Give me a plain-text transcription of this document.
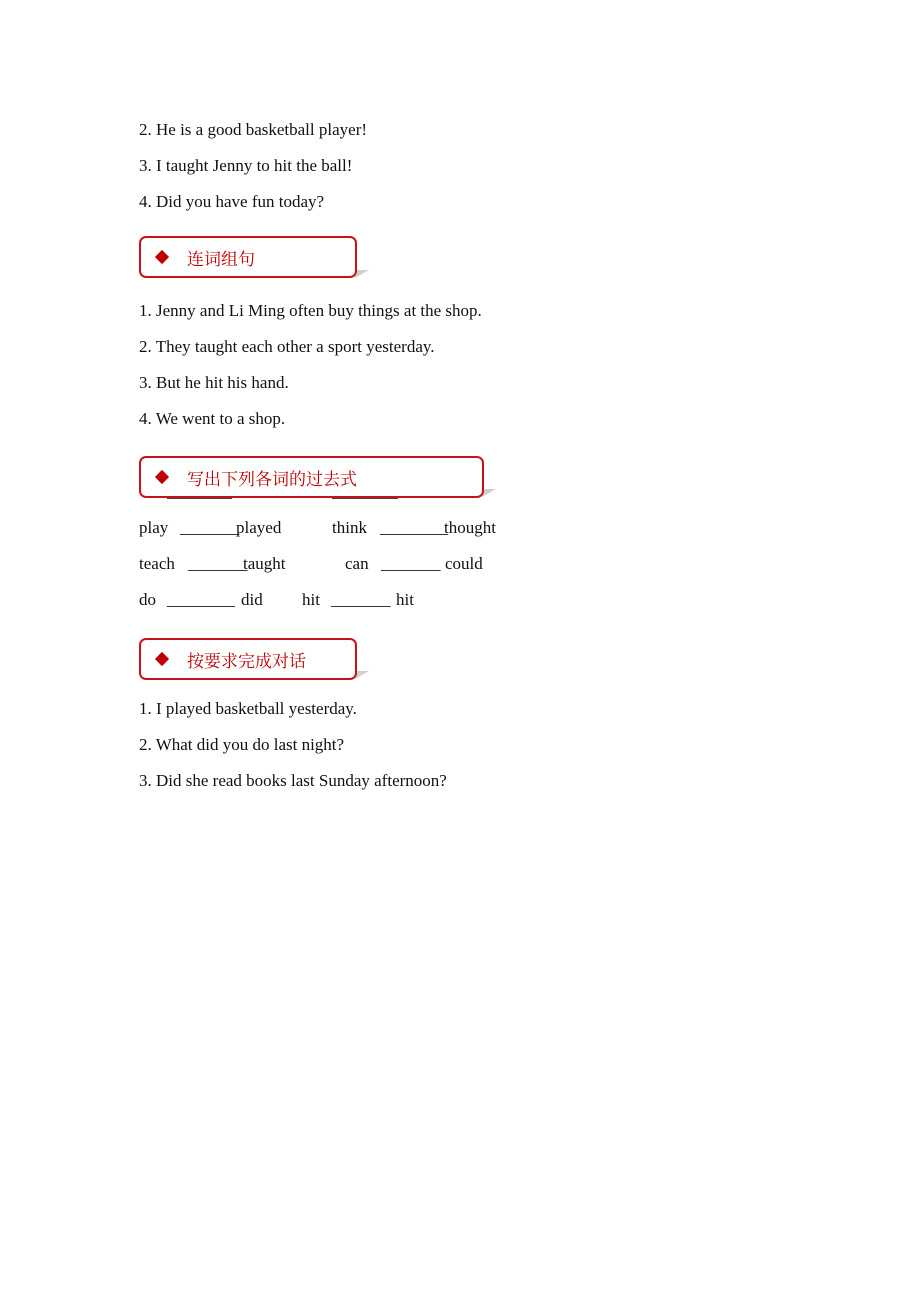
2. He is a good basketball player!
3. I taught Jenny to hit the ball!
4. Did you have fun today?
连词组句
1. Jenny and Li Ming often buy things at the shop.
2. They taught each other a sport yesterday.
3. But he hit his hand.
4. We went to a shop.
写出下列各词的过去式
play _______
played	think ________
thought
teach _______
taught	can _______ could
do ________ did hit _______ hit
按要求完成对话
1. I played basketball yesterday.
2. What did you do last night?
3. Did she read books last Sunday afternoon?
